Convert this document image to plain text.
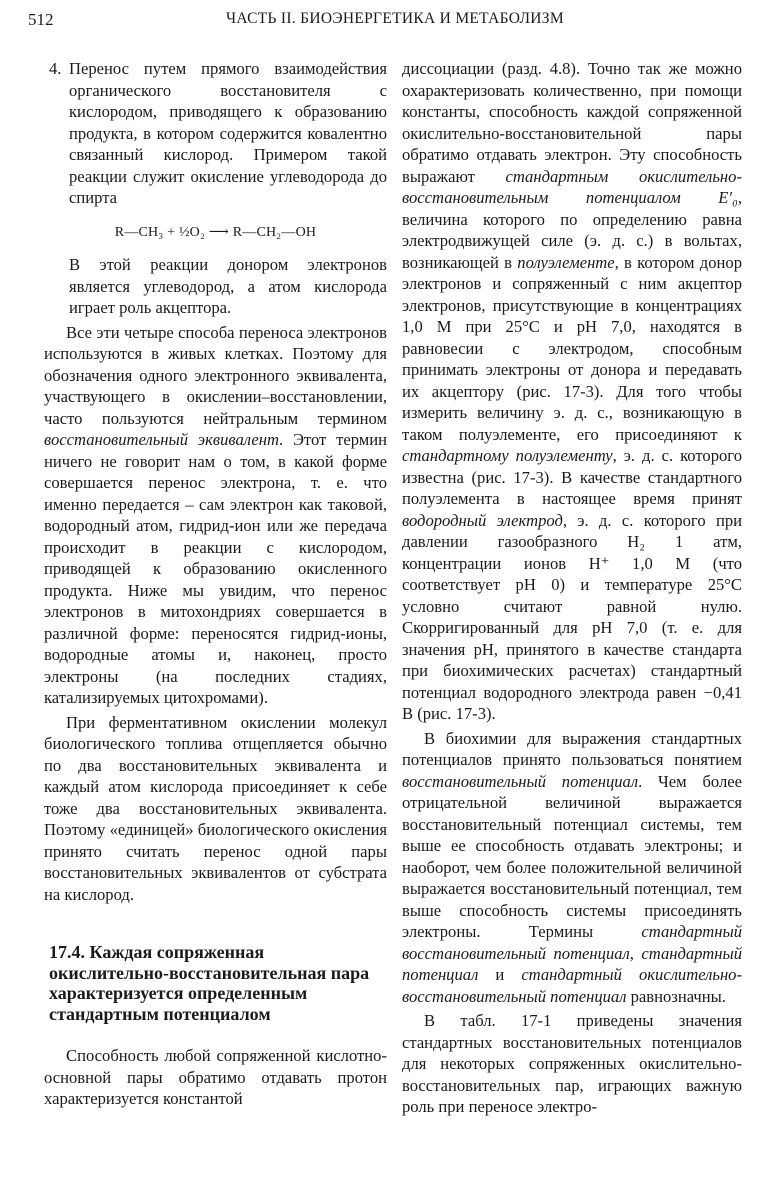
512	ЧАСТЬ II. БИОЭНЕРГЕТИКА И МЕТАБОЛИЗМ

4. Перенос путем прямого взаимодействия органического восстановителя с кислородом, приводящего к образованию продукта, в котором содержится ковалентно связанный кислород. Примером такой реакции служит окисление углеводорода до спирта

R—CH₃ + ½O₂ ⟶ R—CH₂—OH

В этой реакции донором электронов является углеводород, а атом кислорода играет роль акцептора.

Все эти четыре способа переноса электронов используются в живых клетках. Поэтому для обозначения одного электронного эквивалента, участвующего в окислении–восстановлении, часто пользуются нейтральным термином восстановительный эквивалент. Этот термин ничего не говорит нам о том, в какой форме совершается перенос электрона, т. е. что именно передается – сам электрон как таковой, водородный атом, гидрид-ион или же передача происходит в реакции с кислородом, приводящей к образованию окисленного продукта. Ниже мы увидим, что перенос электронов в митохондриях совершается в различной форме: переносятся гидрид-ионы, водородные атомы и, наконец, просто электроны (на последних стадиях, катализируемых цитохромами).

При ферментативном окислении молекул биологического топлива отщепляется обычно по два восстановительных эквивалента и каждый атом кислорода присоединяет к себе тоже два восстановительных эквивалента. Поэтому «единицей» биологического окисления принято считать перенос одной пары восстановительных эквивалентов от субстрата на кислород.

17.4. Каждая сопряженная окислительно-восстановительная пара характеризуется определенным стандартным потенциалом

Способность любой сопряженной кислотно-основной пары обратимо отдавать протон характеризуется константой

диссоциации (разд. 4.8). Точно так же можно охарактеризовать количественно, при помощи константы, способность каждой сопряженной окислительно-восстановительной пары обратимо отдавать электрон. Эту способность выражают стандартным окислительно-восстановительным потенциалом E′₀, величина которого по определению равна электродвижущей силе (э. д. с.) в вольтах, возникающей в полуэлементе, в котором донор электронов и сопряженный с ним акцептор электронов, присутствующие в концентрациях 1,0 М при 25°С и pH 7,0, находятся в равновесии с электродом, способным принимать электроны от донора и передавать их акцептору (рис. 17-3). Для того чтобы измерить величину э. д. с., возникающую в таком полуэлементе, его присоединяют к стандартному полуэлементу, э. д. с. которого известна (рис. 17-3). В качестве стандартного полуэлемента в настоящее время принят водородный электрод, э. д. с. которого при давлении газообразного H₂ 1 атм, концентрации ионов H⁺ 1,0 М (что соответствует pH 0) и температуре 25°С условно считают равной нулю. Скорригированный для pH 7,0 (т. е. для значения pH, принятого в качестве стандарта при биохимических расчетах) стандартный потенциал водородного электрода равен −0,41 В (рис. 17-3).

В биохимии для выражения стандартных потенциалов принято пользоваться понятием восстановительный потенциал. Чем более отрицательной величиной выражается восстановительный потенциал системы, тем выше ее способность отдавать электроны; и наоборот, чем более положительной величиной выражается восстановительный потенциал, тем выше способность системы присоединять электроны. Термины стандартный восстановительный потенциал, стандартный потенциал и стандартный окислительно-восстановительный потенциал равнозначны.

В табл. 17-1 приведены значения стандартных восстановительных потенциалов для некоторых сопряженных окислительно-восстановительных пар, играющих важную роль при переносе электро-
